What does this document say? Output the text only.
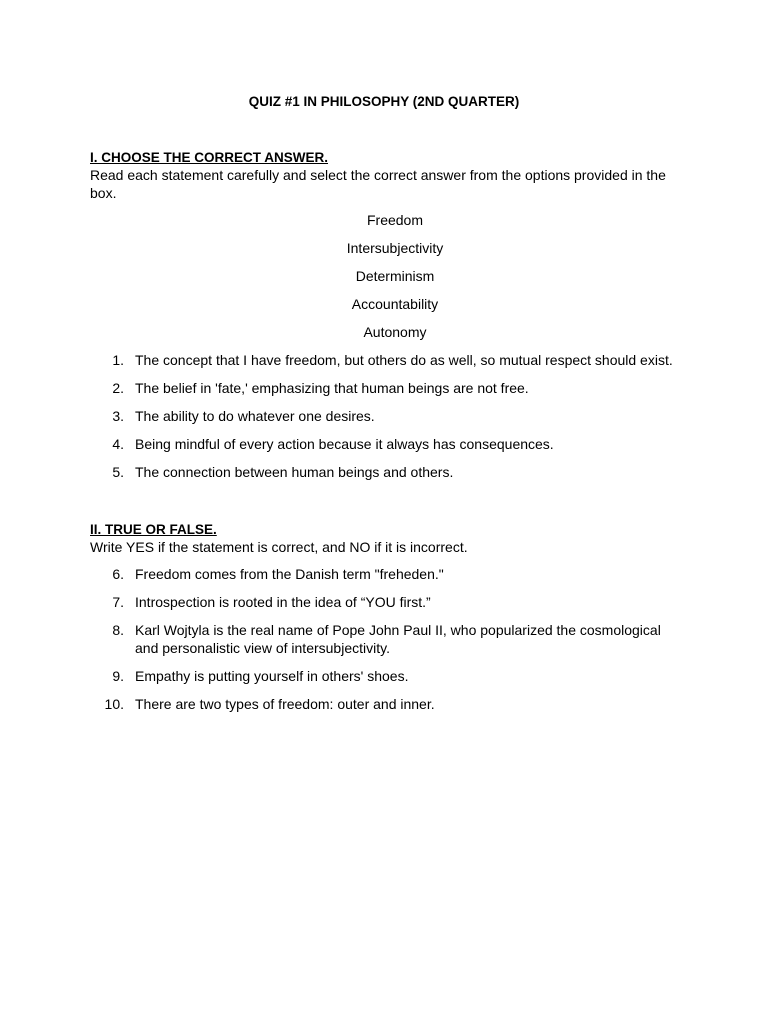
QUIZ #1 IN PHILOSOPHY (2ND QUARTER)
I. CHOOSE THE CORRECT ANSWER.
Read each statement carefully and select the correct answer from the options provided in the box.
Freedom
Intersubjectivity
Determinism
Accountability
Autonomy
1. The concept that I have freedom, but others do as well, so mutual respect should exist.
2. The belief in 'fate,' emphasizing that human beings are not free.
3. The ability to do whatever one desires.
4. Being mindful of every action because it always has consequences.
5. The connection between human beings and others.
II. TRUE OR FALSE.
Write YES if the statement is correct, and NO if it is incorrect.
6. Freedom comes from the Danish term "freheden."
7. Introspection is rooted in the idea of “YOU first.”
8. Karl Wojtyla is the real name of Pope John Paul II, who popularized the cosmological and personalistic view of intersubjectivity.
9. Empathy is putting yourself in others' shoes.
10. There are two types of freedom: outer and inner.
